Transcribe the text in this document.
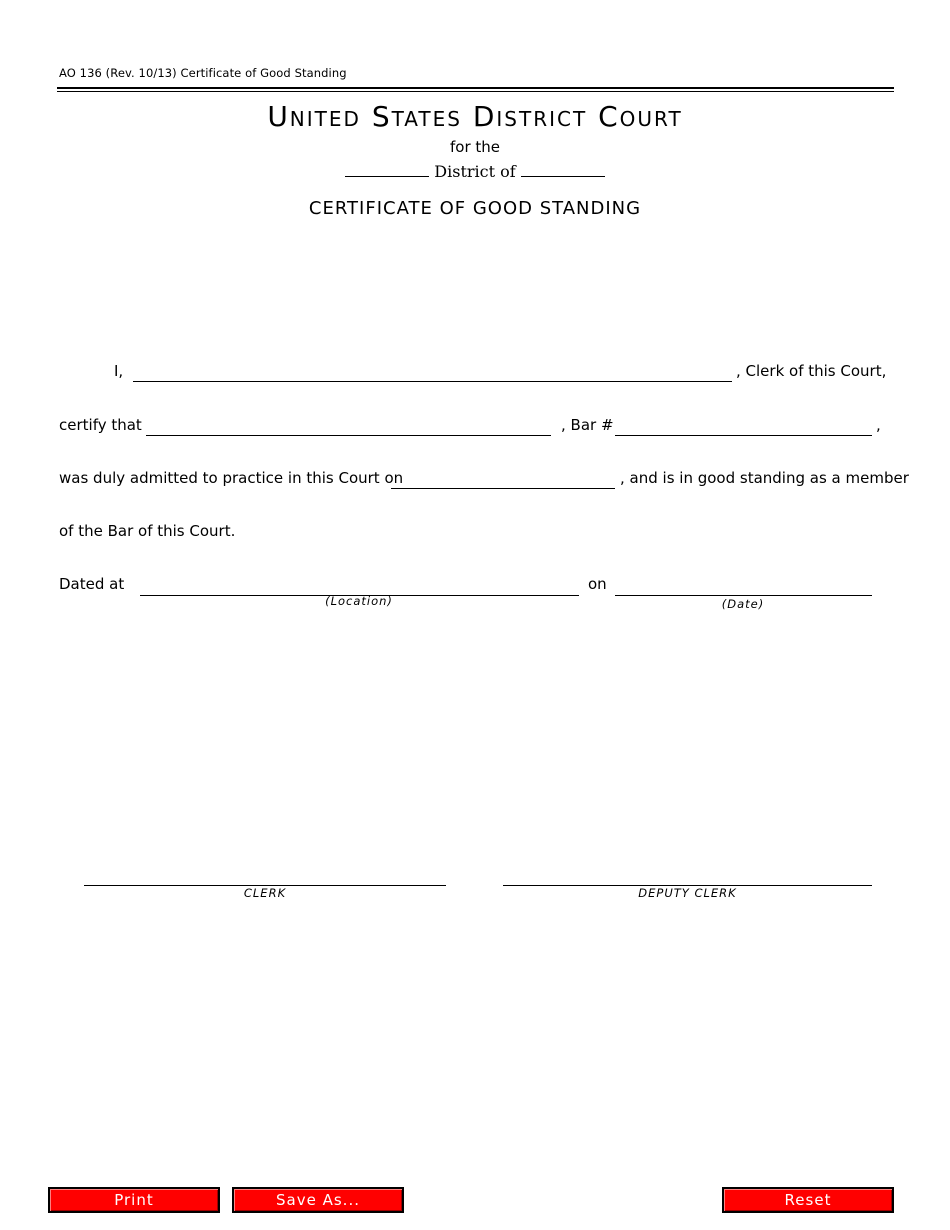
AO 136 (Rev. 10/13) Certificate of Good Standing
United States District Court
for the
District of
CERTIFICATE OF GOOD STANDING
I,	, Clerk of this Court,
certify that	, Bar #	,
was duly admitted to practice in this Court on	, and is in good standing as a member
of the Bar of this Court.
Dated at	on
(Location)	(Date)
CLERK	DEPUTY CLERK
Print	Save As...	Reset
